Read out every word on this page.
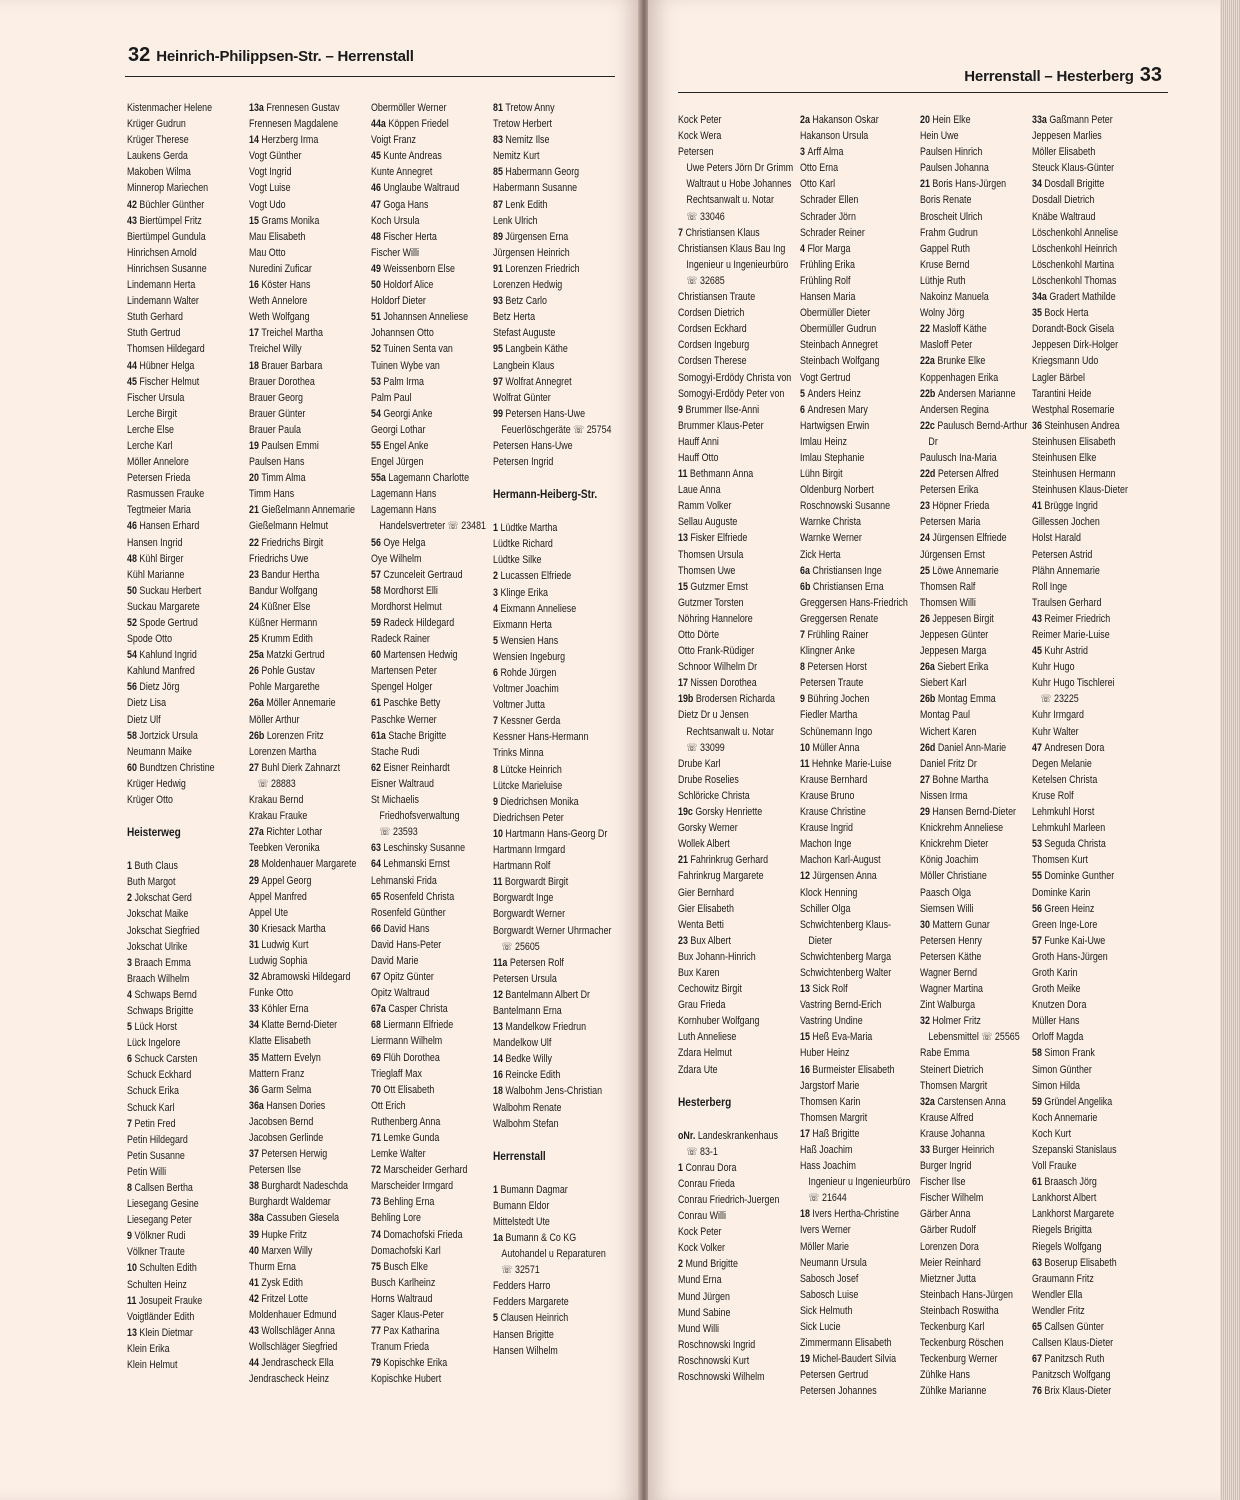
32 Heinrich-Philippsen-Str. – Herrenstall
Kistenmacher Helene
Krüger Gudrun
Krüger Therese
Laukens Gerda
Makoben Wilma
Minnerop Mariechen
42 Büchler Günther
43 Biertümpel Fritz
Biertümpel Gundula
Hinrichsen Arnold
Hinrichsen Susanne
Lindemann Herta
Lindemann Walter
Stuth Gerhard
Stuth Gertrud
Thomsen Hildegard
44 Hübner Helga
45 Fischer Helmut
Fischer Ursula
Lerche Birgit
Lerche Else
Lerche Karl
Möller Annelore
Petersen Frieda
Rasmussen Frauke
Tegtmeier Maria
46 Hansen Erhard
Hansen Ingrid
48 Kühl Birger
Kühl Marianne
50 Suckau Herbert
Suckau Margarete
52 Spode Gertrud
Spode Otto
54 Kahlund Ingrid
Kahlund Manfred
56 Dietz Jörg
Dietz Lisa
Dietz Ulf
58 Jortzick Ursula
Neumann Maike
60 Bundtzen Christine
Krüger Hedwig
Krüger Otto
Heisterweg
1 Buth Claus
Buth Margot
2 Jokschat Gerd
Jokschat Maike
Jokschat Siegfried
Jokschat Ulrike
3 Braach Emma
Braach Wilhelm
4 Schwaps Bernd
Schwaps Brigitte
5 Lück Horst
Lück Ingelore
6 Schuck Carsten
Schuck Eckhard
Schuck Erika
Schuck Karl
7 Petin Fred
Petin Hildegard
Petin Susanne
Petin Willi
8 Callsen Bertha
Liesegang Gesine
Liesegang Peter
9 Völkner Rudi
Völkner Traute
10 Schulten Edith
Schulten Heinz
11 Josupeit Frauke
Voigtländer Edith
13 Klein Dietmar
Klein Erika
Klein Helmut
13a Frennesen Gustav
Frennesen Magdalene
14 Herzberg Irma
Vogt Günther
Vogt Ingrid
Vogt Luise
Vogt Udo
15 Grams Monika
Mau Elisabeth
Mau Otto
Nuredini Zuficar
16 Köster Hans
Weth Annelore
Weth Wolfgang
17 Treichel Martha
Treichel Willy
18 Brauer Barbara
Brauer Dorothea
Brauer Georg
Brauer Günter
Brauer Paula
19 Paulsen Emmi
Paulsen Hans
20 Timm Alma
Timm Hans
21 Gießelmann Annemarie
Gießelmann Helmut
22 Friedrichs Birgit
Friedrichs Uwe
23 Bandur Hertha
Bandur Wolfgang
24 Küßner Else
Küßner Hermann
25 Krumm Edith
25a Matzki Gertrud
26 Pohle Gustav
Pohle Margarethe
26a Möller Annemarie
Möller Arthur
26b Lorenzen Fritz
Lorenzen Martha
27 Buhl Dierk Zahnarzt
☏ 28883
Krakau Bernd
Krakau Frauke
27a Richter Lothar
Teebken Veronika
28 Moldenhauer Margarete
29 Appel Georg
Appel Manfred
Appel Ute
30 Kriesack Martha
31 Ludwig Kurt
Ludwig Sophia
32 Abramowski Hildegard
Funke Otto
33 Köhler Erna
34 Klatte Bernd-Dieter
Klatte Elisabeth
35 Mattern Evelyn
Mattern Franz
36 Garm Selma
36a Hansen Dories
Jacobsen Bernd
Jacobsen Gerlinde
37 Petersen Herwig
Petersen Ilse
38 Burghardt Nadeschda
Burghardt Waldemar
38a Cassuben Giesela
39 Hupke Fritz
40 Marxen Willy
Thurm Erna
41 Zysk Edith
42 Fritzel Lotte
Moldenhauer Edmund
43 Wollschläger Anna
Wollschläger Siegfried
44 Jendrascheck Ella
Jendrascheck Heinz
Obermöller Werner
44a Köppen Friedel
Voigt Franz
45 Kunte Andreas
Kunte Annegret
46 Unglaube Waltraud
47 Goga Hans
Koch Ursula
48 Fischer Herta
Fischer Willi
49 Weissenborn Else
50 Holdorf Alice
Holdorf Dieter
51 Johannsen Anneliese
Johannsen Otto
52 Tuinen Senta van
Tuinen Wybe van
53 Palm Irma
Palm Paul
54 Georgi Anke
Georgi Lothar
55 Engel Anke
Engel Jürgen
55a Lagemann Charlotte
Lagemann Hans
Lagemann Hans
Handelsvertreter ☏ 23481
56 Oye Helga
Oye Wilhelm
57 Czunceleit Gertraud
58 Mordhorst Elli
Mordhorst Helmut
59 Radeck Hildegard
Radeck Rainer
60 Martensen Hedwig
Martensen Peter
Spengel Holger
61 Paschke Betty
Paschke Werner
61a Stache Brigitte
Stache Rudi
62 Eisner Reinhardt
Eisner Waltraud
St Michaelis
Friedhofsverwaltung
☏ 23593
63 Leschinsky Susanne
64 Lehmanski Ernst
Lehmanski Frida
65 Rosenfeld Christa
Rosenfeld Günther
66 David Hans
David Hans-Peter
David Marie
67 Opitz Günter
Opitz Waltraud
67a Casper Christa
68 Liermann Elfriede
Liermann Wilhelm
69 Flüh Dorothea
Trieglaff Max
70 Ott Elisabeth
Ott Erich
Ruthenberg Anna
71 Lemke Gunda
Lemke Walter
72 Marscheider Gerhard
Marscheider Irmgard
73 Behling Erna
Behling Lore
74 Domachofski Frieda
Domachofski Karl
75 Busch Elke
Busch Karlheinz
Horns Waltraud
Sager Klaus-Peter
77 Pax Katharina
Tranum Frieda
79 Kopischke Erika
Kopischke Hubert
81 Tretow Anny
Tretow Herbert
83 Nemitz Ilse
Nemitz Kurt
85 Habermann Georg
Habermann Susanne
87 Lenk Edith
Lenk Ulrich
89 Jürgensen Erna
Jürgensen Heinrich
91 Lorenzen Friedrich
Lorenzen Hedwig
93 Betz Carlo
Betz Herta
Stefast Auguste
95 Langbein Käthe
Langbein Klaus
97 Wolfrat Annegret
Wolfrat Günter
99 Petersen Hans-Uwe
Feuerlöschgeräte ☏ 25754
Petersen Hans-Uwe
Petersen Ingrid
Hermann-Heiberg-Str.
1 Lüdtke Martha
Lüdtke Richard
Lüdtke Silke
2 Lucassen Elfriede
3 Klinge Erika
4 Eixmann Anneliese
Eixmann Herta
5 Wensien Hans
Wensien Ingeburg
6 Rohde Jürgen
Voltmer Joachim
Voltmer Jutta
7 Kessner Gerda
Kessner Hans-Hermann
Trinks Minna
8 Lütcke Heinrich
Lütcke Marieluise
9 Diedrichsen Monika
Diedrichsen Peter
10 Hartmann Hans-Georg Dr
Hartmann Irmgard
Hartmann Rolf
11 Borgwardt Birgit
Borgwardt Inge
Borgwardt Werner
Borgwardt Werner Uhrmacher
☏ 25605
11a Petersen Rolf
Petersen Ursula
12 Bantelmann Albert Dr
Bantelmann Erna
13 Mandelkow Friedrun
Mandelkow Ulf
14 Bedke Willy
16 Reincke Edith
18 Walbohm Jens-Christian
Walbohm Renate
Walbohm Stefan
Herrenstall
1 Bumann Dagmar
Bumann Eldor
Mittelstedt Ute
1a Bumann & Co KG
Autohandel u Reparaturen
☏ 32571
Fedders Harro
Fedders Margarete
5 Clausen Heinrich
Hansen Brigitte
Hansen Wilhelm
Herrenstall – Hesterberg 33
Kock Peter
Kock Wera
Petersen
Uwe Peters Jörn Dr Grimm
Waltraut u Hobe Johannes
Rechtsanwalt u. Notar
☏ 33046
7 Christiansen Klaus
Christiansen Klaus Bau Ing
Ingenieur u Ingenieurbüro
☏ 32685
Christiansen Traute
Cordsen Dietrich
Cordsen Eckhard
Cordsen Ingeburg
Cordsen Therese
Somogyi-Erdödy Christa von
Somogyi-Erdödy Peter von
9 Brummer Ilse-Anni
Brummer Klaus-Peter
Hauff Anni
Hauff Otto
11 Bethmann Anna
Laue Anna
Ramm Volker
Sellau Auguste
13 Fisker Elfriede
Thomsen Ursula
Thomsen Uwe
15 Gutzmer Ernst
Gutzmer Torsten
Nöhring Hannelore
Otto Dörte
Otto Frank-Rüdiger
Schnoor Wilhelm Dr
17 Nissen Dorothea
19b Brodersen Richarda
Dietz Dr u Jensen
Rechtsanwalt u. Notar
☏ 33099
Drube Karl
Drube Roselies
Schlöricke Christa
19c Gorsky Henriette
Gorsky Werner
Wollek Albert
21 Fahrinkrug Gerhard
Fahrinkrug Margarete
Gier Bernhard
Gier Elisabeth
Wenta Betti
23 Bux Albert
Bux Johann-Hinrich
Bux Karen
Cechowitz Birgit
Grau Frieda
Kornhuber Wolfgang
Luth Anneliese
Zdara Helmut
Zdara Ute
Hesterberg
oNr. Landeskrankenhaus
☏ 83-1
1 Conrau Dora
Conrau Frieda
Conrau Friedrich-Juergen
Conrau Willi
Kock Peter
Kock Volker
2 Mund Brigitte
Mund Erna
Mund Jürgen
Mund Sabine
Mund Willi
Roschnowski Ingrid
Roschnowski Kurt
Roschnowski Wilhelm
2a Hakanson Oskar
Hakanson Ursula
3 Arff Alma
Otto Erna
Otto Karl
Schrader Ellen
Schrader Jörn
Schrader Reiner
4 Flor Marga
Frühling Erika
Frühling Rolf
Hansen Maria
Obermüller Dieter
Obermüller Gudrun
Steinbach Annegret
Steinbach Wolfgang
Vogt Gertrud
5 Anders Heinz
6 Andresen Mary
Hartwigsen Erwin
Imlau Heinz
Imlau Stephanie
Lühn Birgit
Oldenburg Norbert
Roschnowski Susanne
Warnke Christa
Warnke Werner
Zick Herta
6a Christiansen Inge
6b Christiansen Erna
Greggersen Hans-Friedrich
Greggersen Renate
7 Frühling Rainer
Klingner Anke
8 Petersen Horst
Petersen Traute
9 Bühring Jochen
Fiedler Martha
Schünemann Ingo
10 Müller Anna
11 Hehnke Marie-Luise
Krause Bernhard
Krause Bruno
Krause Christine
Krause Ingrid
Machon Inge
Machon Karl-August
12 Jürgensen Anna
Klock Henning
Schiller Olga
Schwichtenberg Klaus-
Dieter
Schwichtenberg Marga
Schwichtenberg Walter
13 Sick Rolf
Vastring Bernd-Erich
Vastring Undine
15 Heß Eva-Maria
Huber Heinz
16 Burmeister Elisabeth
Jargstorf Marie
Thomsen Karin
Thomsen Margrit
17 Haß Brigitte
Haß Joachim
Hass Joachim
Ingenieur u Ingenieurbüro
☏ 21644
18 Ivers Hertha-Christine
Ivers Werner
Möller Marie
Neumann Ursula
Sabosch Josef
Sabosch Luise
Sick Helmuth
Sick Lucie
Zimmermann Elisabeth
19 Michel-Baudert Silvia
Petersen Gertrud
Petersen Johannes
20 Hein Elke
Hein Uwe
Paulsen Hinrich
Paulsen Johanna
21 Boris Hans-Jürgen
Boris Renate
Broscheit Ulrich
Frahm Gudrun
Gappel Ruth
Kruse Bernd
Lüthje Ruth
Nakoinz Manuela
Wolny Jörg
22 Masloff Käthe
Masloff Peter
22a Brunke Elke
Koppenhagen Erika
22b Andersen Marianne
Andersen Regina
22c Paulusch Bernd-Arthur
Dr
Paulusch Ina-Maria
22d Petersen Alfred
Petersen Erika
23 Höpner Frieda
Petersen Maria
24 Jürgensen Elfriede
Jürgensen Ernst
25 Löwe Annemarie
Thomsen Ralf
Thomsen Willi
26 Jeppesen Birgit
Jeppesen Günter
Jeppesen Marga
26a Siebert Erika
Siebert Karl
26b Montag Emma
Montag Paul
Wichert Karen
26d Daniel Ann-Marie
Daniel Fritz Dr
27 Bohne Martha
Nissen Irma
29 Hansen Bernd-Dieter
Knickrehm Anneliese
Knickrehm Dieter
König Joachim
Möller Christiane
Paasch Olga
Siemsen Willi
30 Mattern Gunar
Petersen Henry
Petersen Käthe
Wagner Bernd
Wagner Martina
Zint Walburga
32 Holmer Fritz
Lebensmittel ☏ 25565
Rabe Emma
Steinert Dietrich
Thomsen Margrit
32a Carstensen Anna
Krause Alfred
Krause Johanna
33 Burger Heinrich
Burger Ingrid
Fischer Ilse
Fischer Wilhelm
Gärber Anna
Gärber Rudolf
Lorenzen Dora
Meier Reinhard
Mietzner Jutta
Steinbach Hans-Jürgen
Steinbach Roswitha
Teckenburg Karl
Teckenburg Röschen
Teckenburg Werner
Zühlke Hans
Zühlke Marianne
33a Gaßmann Peter
Jeppesen Marlies
Möller Elisabeth
Steuck Klaus-Günter
34 Dosdall Brigitte
Dosdall Dietrich
Knäbe Waltraud
Löschenkohl Annelise
Löschenkohl Heinrich
Löschenkohl Martina
Löschenkohl Thomas
34a Gradert Mathilde
35 Bock Herta
Dorandt-Bock Gisela
Jeppesen Dirk-Holger
Kriegsmann Udo
Lagler Bärbel
Tarantini Heide
Westphal Rosemarie
36 Steinhusen Andrea
Steinhusen Elisabeth
Steinhusen Elke
Steinhusen Hermann
Steinhusen Klaus-Dieter
41 Brügge Ingrid
Gillessen Jochen
Holst Harald
Petersen Astrid
Plähn Annemarie
Roll Inge
Traulsen Gerhard
43 Reimer Friedrich
Reimer Marie-Luise
45 Kuhr Astrid
Kuhr Hugo
Kuhr Hugo Tischlerei
☏ 23225
Kuhr Irmgard
Kuhr Walter
47 Andresen Dora
Degen Melanie
Ketelsen Christa
Kruse Rolf
Lehmkuhl Horst
Lehmkuhl Marleen
53 Seguda Christa
Thomsen Kurt
55 Dominke Gunther
Dominke Karin
56 Green Heinz
Green Inge-Lore
57 Funke Kai-Uwe
Groth Hans-Jürgen
Groth Karin
Groth Meike
Knutzen Dora
Müller Hans
Orloff Magda
58 Simon Frank
Simon Günther
Simon Hilda
59 Gründel Angelika
Koch Annemarie
Koch Kurt
Szepanski Stanislaus
Voll Frauke
61 Braasch Jörg
Lankhorst Albert
Lankhorst Margarete
Riegels Brigitta
Riegels Wolfgang
63 Boserup Elisabeth
Graumann Fritz
Wendler Ella
Wendler Fritz
65 Callsen Günter
Callsen Klaus-Dieter
67 Panitzsch Ruth
Panitzsch Wolfgang
76 Brix Klaus-Dieter
